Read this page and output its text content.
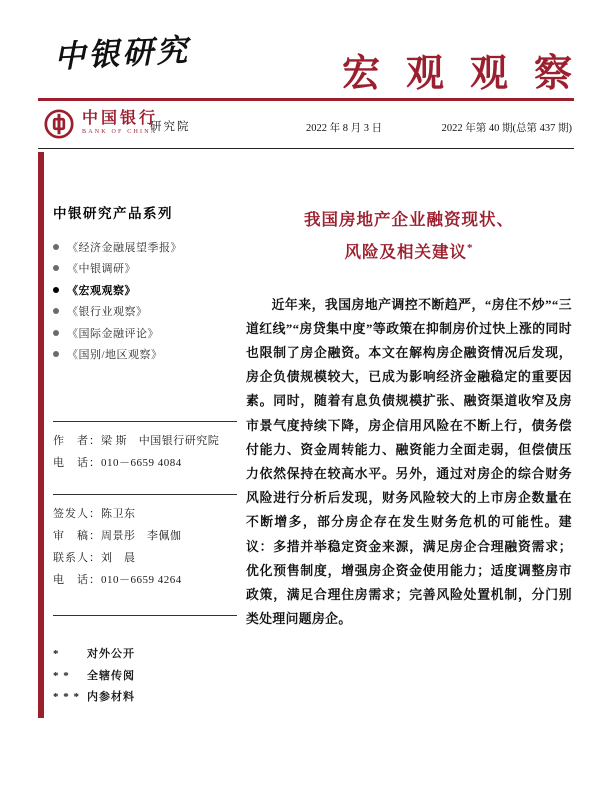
中银研究	宏观观察
中国银行
BANK OF CHINA
研究院	2022 年 8 月 3 日	2022 年第 40 期(总第 437 期)
中银研究产品系列
《经济金融展望季报》
《中银调研》
《宏观观察》
《银行业观察》
《国际金融评论》
《国别/地区观察》
作　者： 梁 斯　中国银行研究院
电　话： 010－6659 4084
签发人： 陈卫东
审　稿： 周景彤　李佩伽
联系人： 刘　晨
电　话： 010－6659 4264
*	对外公开
* *	全辖传阅
* * * 内参材料
我国房地产企业融资现状、
风险及相关建议*

近年来，我国房地产调控不断趋严，“房住不炒”“三道红线”“房贷集中度”等政策在抑制房价过快上涨的同时也限制了房企融资。本文在解构房企融资情况后发现，房企负债规模较大，已成为影响经济金融稳定的重要因素。同时，随着有息负债规模扩张、融资渠道收窄及房市景气度持续下降，房企信用风险在不断上行，债务偿付能力、资金周转能力、融资能力全面走弱，但偿债压力依然保持在较高水平。另外，通过对房企的综合财务风险进行分析后发现，财务风险较大的上市房企数量在不断增多，部分房企存在发生财务危机的可能性。建议：多措并举稳定资金来源，满足房企合理融资需求；优化预售制度，增强房企资金使用能力；适度调整房市政策，满足合理住房需求；完善风险处置机制，分门别类处理问题房企。
